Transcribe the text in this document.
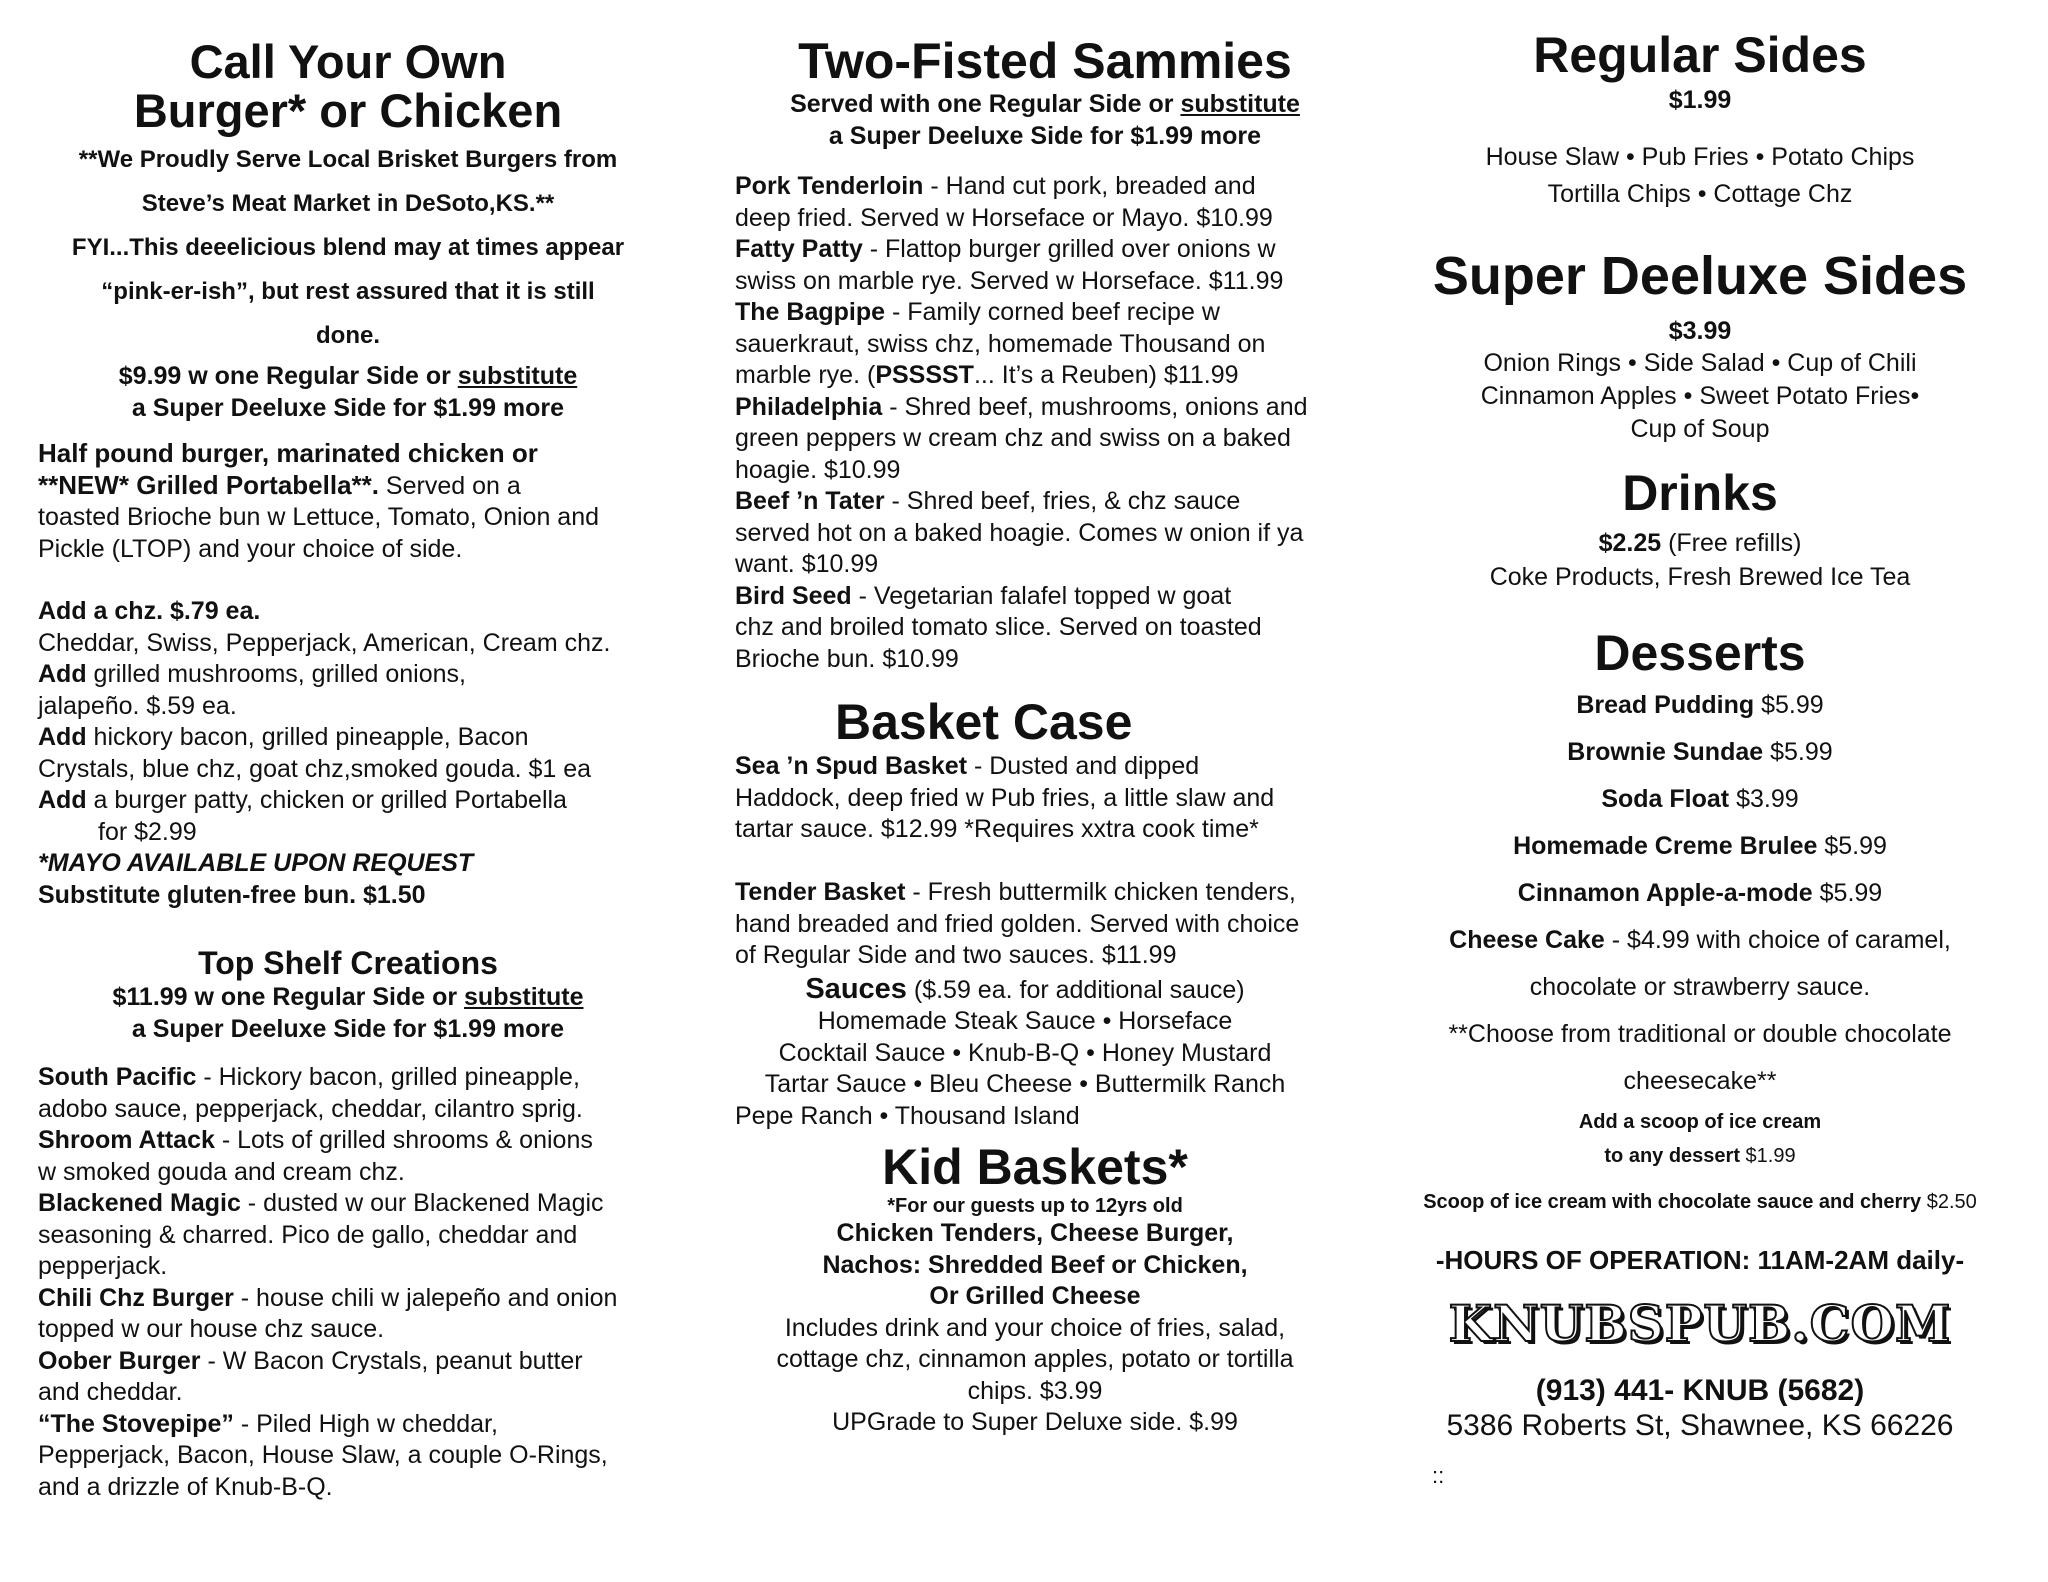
Call Your Own

Burger* or Chicken

**We Proudly Serve Local Brisket Burgers from

Steve’s Meat Market in DeSoto,KS.**

FYI...This deeelicious blend may at times appear

“pink-er-ish”, but rest assured that it is still

done.

$9.99 w one Regular Side or substitute

a Super Deeluxe Side for $1.99 more

Half pound burger, marinated chicken or

**NEW* Grilled Portabella**. Served on a

toasted Brioche bun w Lettuce, Tomato, Onion and

Pickle (LTOP) and your choice of side.

Add a chz. $.79 ea.

Cheddar, Swiss, Pepperjack, American, Cream chz.

Add grilled mushrooms, grilled onions,

jalapeño. $.59 ea.

Add hickory bacon, grilled pineapple, Bacon

Crystals, blue chz, goat chz,smoked gouda. $1 ea

Add a burger patty, chicken or grilled Portabella

for $2.99

*MAYO AVAILABLE UPON REQUEST

Substitute gluten-free bun. $1.50

Top Shelf Creations

$11.99 w one Regular Side or substitute

a Super Deeluxe Side for $1.99 more

South Pacific - Hickory bacon, grilled pineapple,

adobo sauce, pepperjack, cheddar, cilantro sprig.

Shroom Attack - Lots of grilled shrooms & onions

w smoked gouda and cream chz.

Blackened Magic - dusted w our Blackened Magic

seasoning & charred. Pico de gallo, cheddar and

pepperjack.

Chili Chz Burger - house chili w jalepeño and onion

topped w our house chz sauce.

Oober Burger - W Bacon Crystals, peanut butter

and cheddar.

“The Stovepipe” - Piled High w cheddar,

Pepperjack, Bacon, House Slaw, a couple O-Rings,

and a drizzle of Knub-B-Q.

Two-Fisted Sammies

Served with one Regular Side or substitute

a Super Deeluxe Side for $1.99 more

Pork Tenderloin - Hand cut pork, breaded and

deep fried. Served w Horseface or Mayo. $10.99

Fatty Patty - Flattop burger grilled over onions w

swiss on marble rye. Served w Horseface. $11.99

The Bagpipe - Family corned beef recipe w

sauerkraut, swiss chz, homemade Thousand on

marble rye. (PSSSST... It’s a Reuben) $11.99

Philadelphia - Shred beef, mushrooms, onions and

green peppers w cream chz and swiss on a baked

hoagie. $10.99

Beef ’n Tater - Shred beef, fries, & chz sauce

served hot on a baked hoagie. Comes w onion if ya

want. $10.99

Bird Seed - Vegetarian falafel topped w goat

chz and broiled tomato slice. Served on toasted

Brioche bun. $10.99

Basket Case

Sea ’n Spud Basket - Dusted and dipped

Haddock, deep fried w Pub fries, a little slaw and

tartar sauce. $12.99 *Requires xxtra cook time*

Tender Basket - Fresh buttermilk chicken tenders,

hand breaded and fried golden. Served with choice

of Regular Side and two sauces. $11.99

Sauces ($.59 ea. for additional sauce)

Homemade Steak Sauce • Horseface

Cocktail Sauce • Knub-B-Q • Honey Mustard

Tartar Sauce • Bleu Cheese • Buttermilk Ranch

Pepe Ranch • Thousand Island

Kid Baskets*

*For our guests up to 12yrs old

Chicken Tenders, Cheese Burger,

Nachos: Shredded Beef or Chicken,

Or Grilled Cheese

Includes drink and your choice of fries, salad,

cottage chz, cinnamon apples, potato or tortilla

chips. $3.99

UPGrade to Super Deluxe side. $.99

Regular Sides

$1.99

House Slaw • Pub Fries • Potato Chips

Tortilla Chips • Cottage Chz

Super Deeluxe Sides

$3.99

Onion Rings • Side Salad • Cup of Chili

Cinnamon Apples • Sweet Potato Fries•

Cup of Soup

Drinks

$2.25 (Free refills)

Coke Products, Fresh Brewed Ice Tea

Desserts

Bread Pudding $5.99

Brownie Sundae $5.99

Soda Float $3.99

Homemade Creme Brulee $5.99

Cinnamon Apple-a-mode $5.99

Cheese Cake - $4.99 with choice of caramel,

chocolate or strawberry sauce.

**Choose from traditional or double chocolate

cheesecake**

Add a scoop of ice cream

to any dessert $1.99

Scoop of ice cream with chocolate sauce and cherry $2.50

-HOURS OF OPERATION: 11AM-2AM daily-

KNUBSPUB.COM

(913) 441- KNUB (5682)

5386 Roberts St, Shawnee, KS 66226

::
